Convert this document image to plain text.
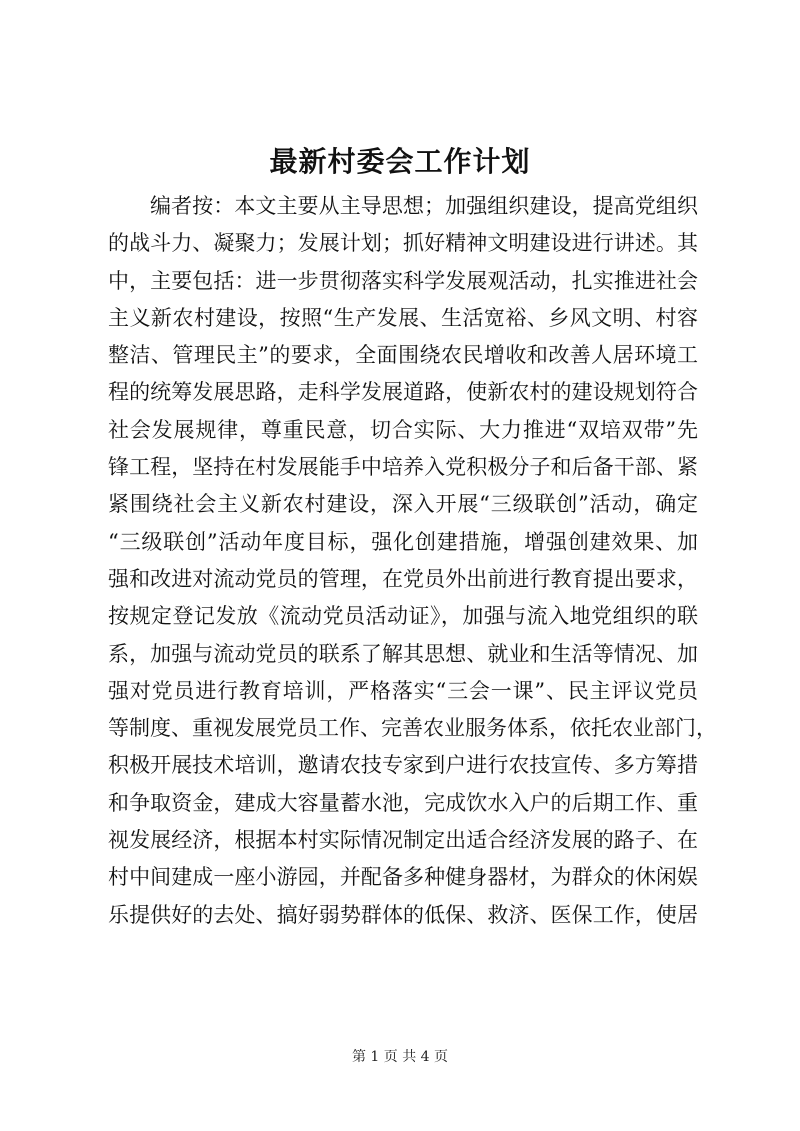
最新村委会工作计划
编者按：本文主要从主导思想；加强组织建设，提高党组织
的战斗力、凝聚力；发展计划；抓好精神文明建设进行讲述。其
中，主要包括：进一步贯彻落实科学发展观活动，扎实推进社会
主义新农村建设，按照“生产发展、生活宽裕、乡风文明、村容
整洁、管理民主”的要求，全面围绕农民增收和改善人居环境工
程的统筹发展思路，走科学发展道路，使新农村的建设规划符合
社会发展规律，尊重民意，切合实际、大力推进“双培双带”先
锋工程，坚持在村发展能手中培养入党积极分子和后备干部、紧
紧围绕社会主义新农村建设，深入开展“三级联创”活动，确定
“三级联创”活动年度目标，强化创建措施，增强创建效果、加
强和改进对流动党员的管理，在党员外出前进行教育提出要求，
按规定登记发放《流动党员活动证》，加强与流入地党组织的联
系，加强与流动党员的联系了解其思想、就业和生活等情况、加
强对党员进行教育培训，严格落实“三会一课”、民主评议党员
等制度、重视发展党员工作、完善农业服务体系，依托农业部门，
积极开展技术培训，邀请农技专家到户进行农技宣传、多方筹措
和争取资金，建成大容量蓄水池，完成饮水入户的后期工作、重
视发展经济，根据本村实际情况制定出适合经济发展的路子、在
村中间建成一座小游园，并配备多种健身器材，为群众的休闲娱
乐提供好的去处、搞好弱势群体的低保、救济、医保工作，使居
第 1 页 共 4 页
